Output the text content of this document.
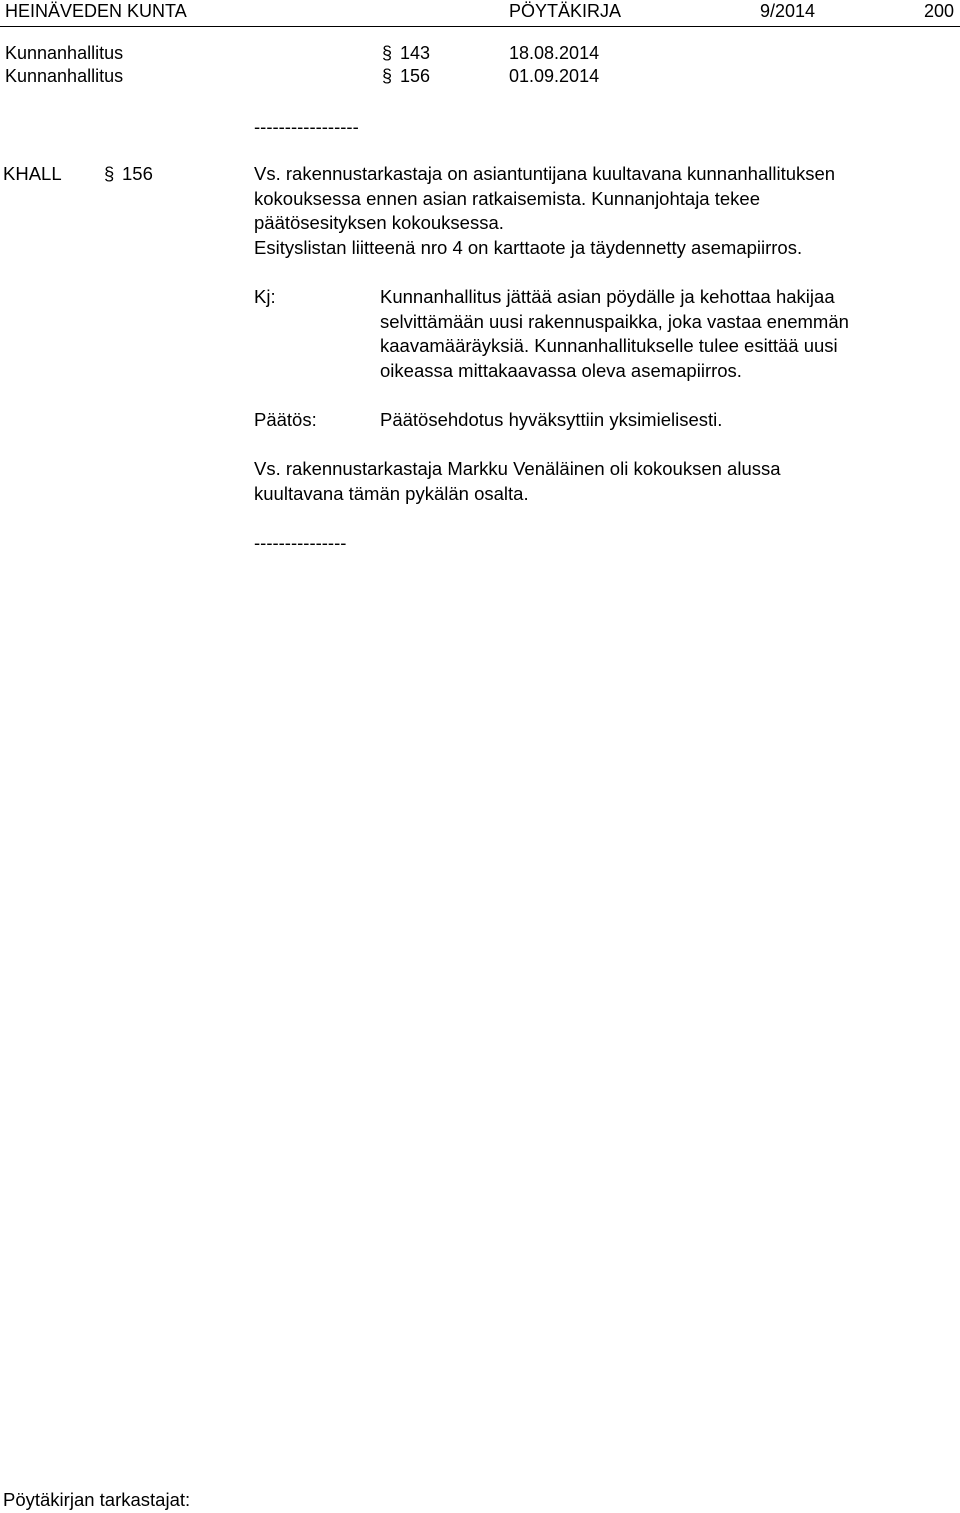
HEINÄVEDEN KUNTA	PÖYTÄKIRJA	9/2014	200
Kunnanhallitus	§ 143	18.08.2014
Kunnanhallitus	§ 156	01.09.2014
-----------------
KHALL § 156	Vs. rakennustarkastaja on asiantuntijana kuultavana kunnanhallituksen
kokouksessa ennen asian ratkaisemista. Kunnanjohtaja tekee
päätösesityksen kokouksessa.
Esityslistan liitteenä nro 4 on karttaote ja täydennetty asemapiirros.
Kj:	Kunnanhallitus jättää asian pöydälle ja kehottaa hakijaa
selvittämään uusi rakennuspaikka, joka vastaa enemmän
kaavamääräyksiä. Kunnanhallitukselle tulee esittää uusi
oikeassa mittakaavassa oleva asemapiirros.
Päätös:	Päätösehdotus hyväksyttiin yksimielisesti.
Vs. rakennustarkastaja Markku Venäläinen oli kokouksen alussa
kuultavana tämän pykälän osalta.
---------------
Pöytäkirjan tarkastajat:
